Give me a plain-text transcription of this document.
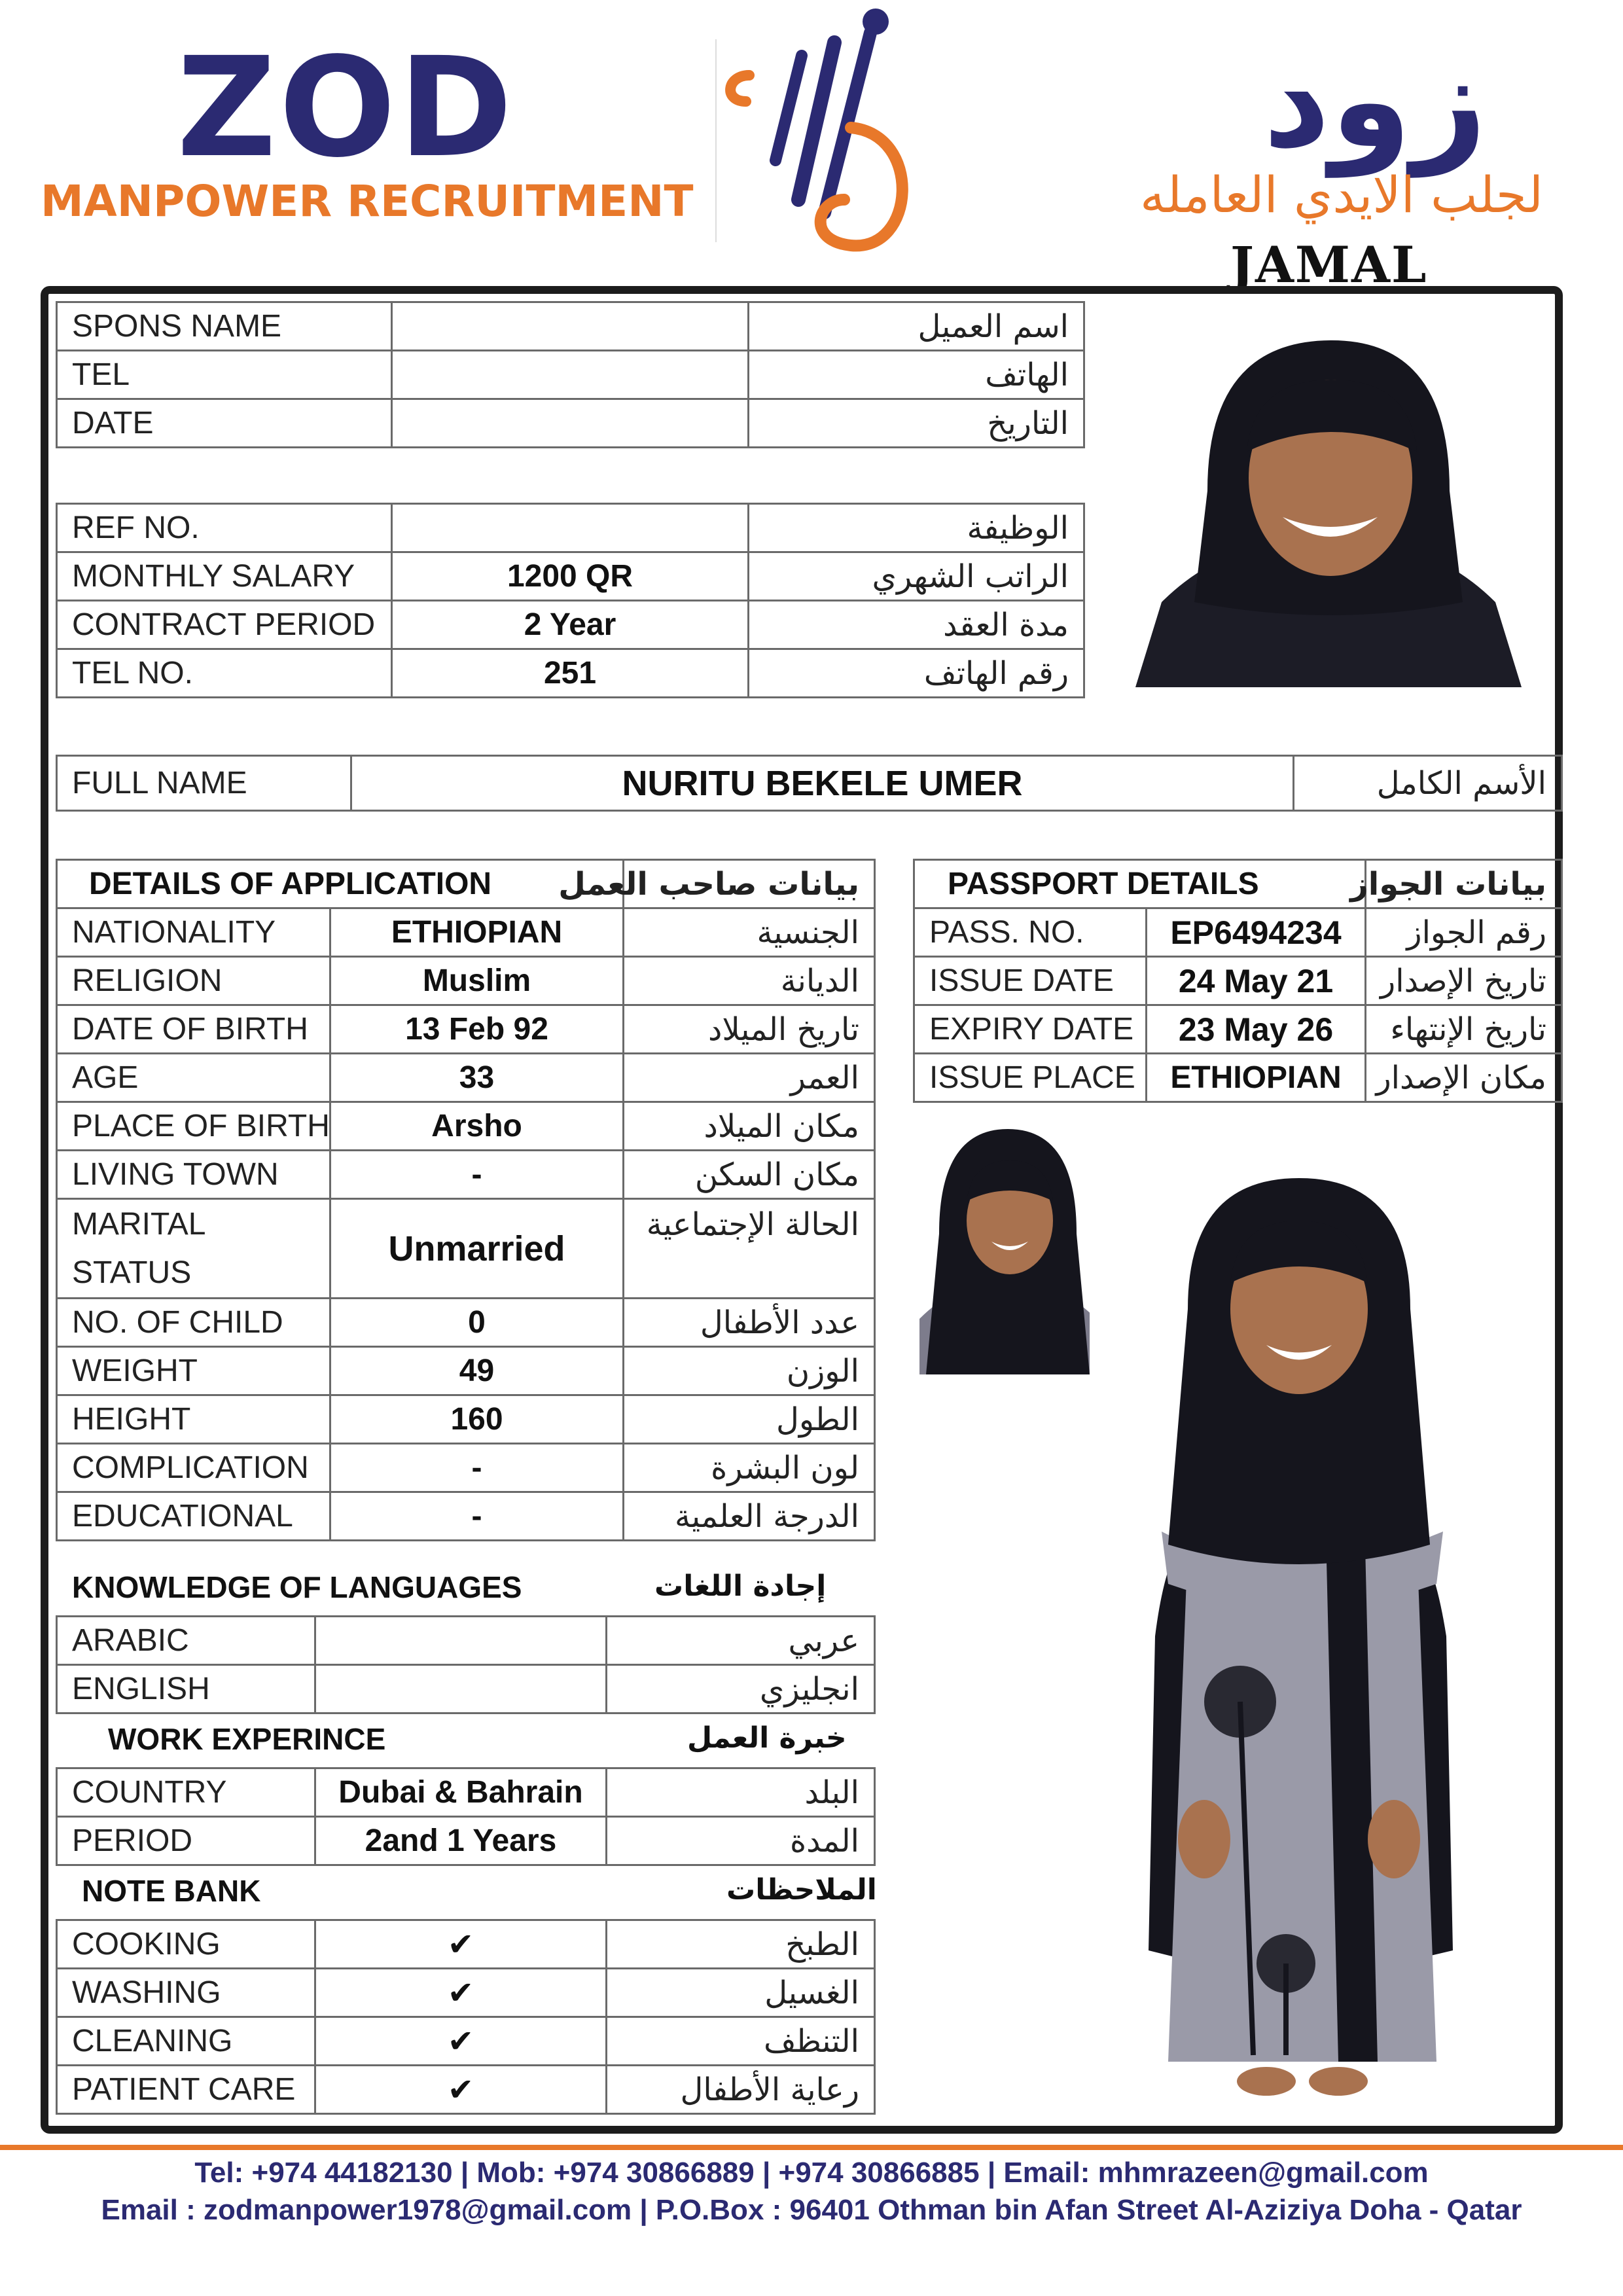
ZOD
MANPOWER RECRUITMENT
زود
لجلب الايدي العامله
JAMAL
SPONS NAME		اسم العميل
TEL		الهاتف
DATE		التاريخ
REF NO.		الوظيفة
MONTHLY SALARY	1200 QR	الراتب الشهري
CONTRACT PERIOD	2 Year	مدة العقد
TEL NO.	251	رقم الهاتف
FULL NAME	NURITU BEKELE UMER	الأسم الكامل
DETAILS OF APPLICATION		بيانات صاحب العمل
NATIONALITY	ETHIOPIAN	الجنسية
RELIGION	Muslim	الديانة
DATE OF BIRTH	13 Feb 92	تاريخ الميلاد
AGE	33	العمر
PLACE OF BIRTH	Arsho	مكان الميلاد
LIVING TOWN	-	مكان السكن
MARITAL
STATUS	Unmarried	الحالة الإجتماعية
NO. OF CHILD	0	عدد الأطفال
WEIGHT	49	الوزن
HEIGHT	160	الطول
COMPLICATION	-	لون البشرة
EDUCATIONAL	-	الدرجة العلمية
KNOWLEDGE OF LANGUAGES	إجادة اللغات
ARABIC		عربي
ENGLISH		انجليزي
WORK EXPERINCE	خبرة العمل
COUNTRY	Dubai & Bahrain	البلد
PERIOD	2and 1 Years	المدة
NOTE BANK	الملاحظات
COOKING	✔	الطبخ
WASHING	✔	الغسيل
CLEANING	✔	التنظف
PATIENT CARE	✔	رعاية الأطفال
PASSPORT DETAILS		بيانات الجواز
PASS. NO.	EP6494234	رقم الجواز
ISSUE DATE	24 May 21	تاريخ الإصدار
EXPIRY DATE	23 May 26	تاريخ الإنتهاء
ISSUE PLACE	ETHIOPIAN	مكان الإصدار
Tel: +974 44182130 | Mob: +974 30866889 | +974 30866885 | Email: mhmrazeen@gmail.com
Email : zodmanpower1978@gmail.com | P.O.Box : 96401 Othman bin Afan Street Al-Aziziya Doha - Qatar
